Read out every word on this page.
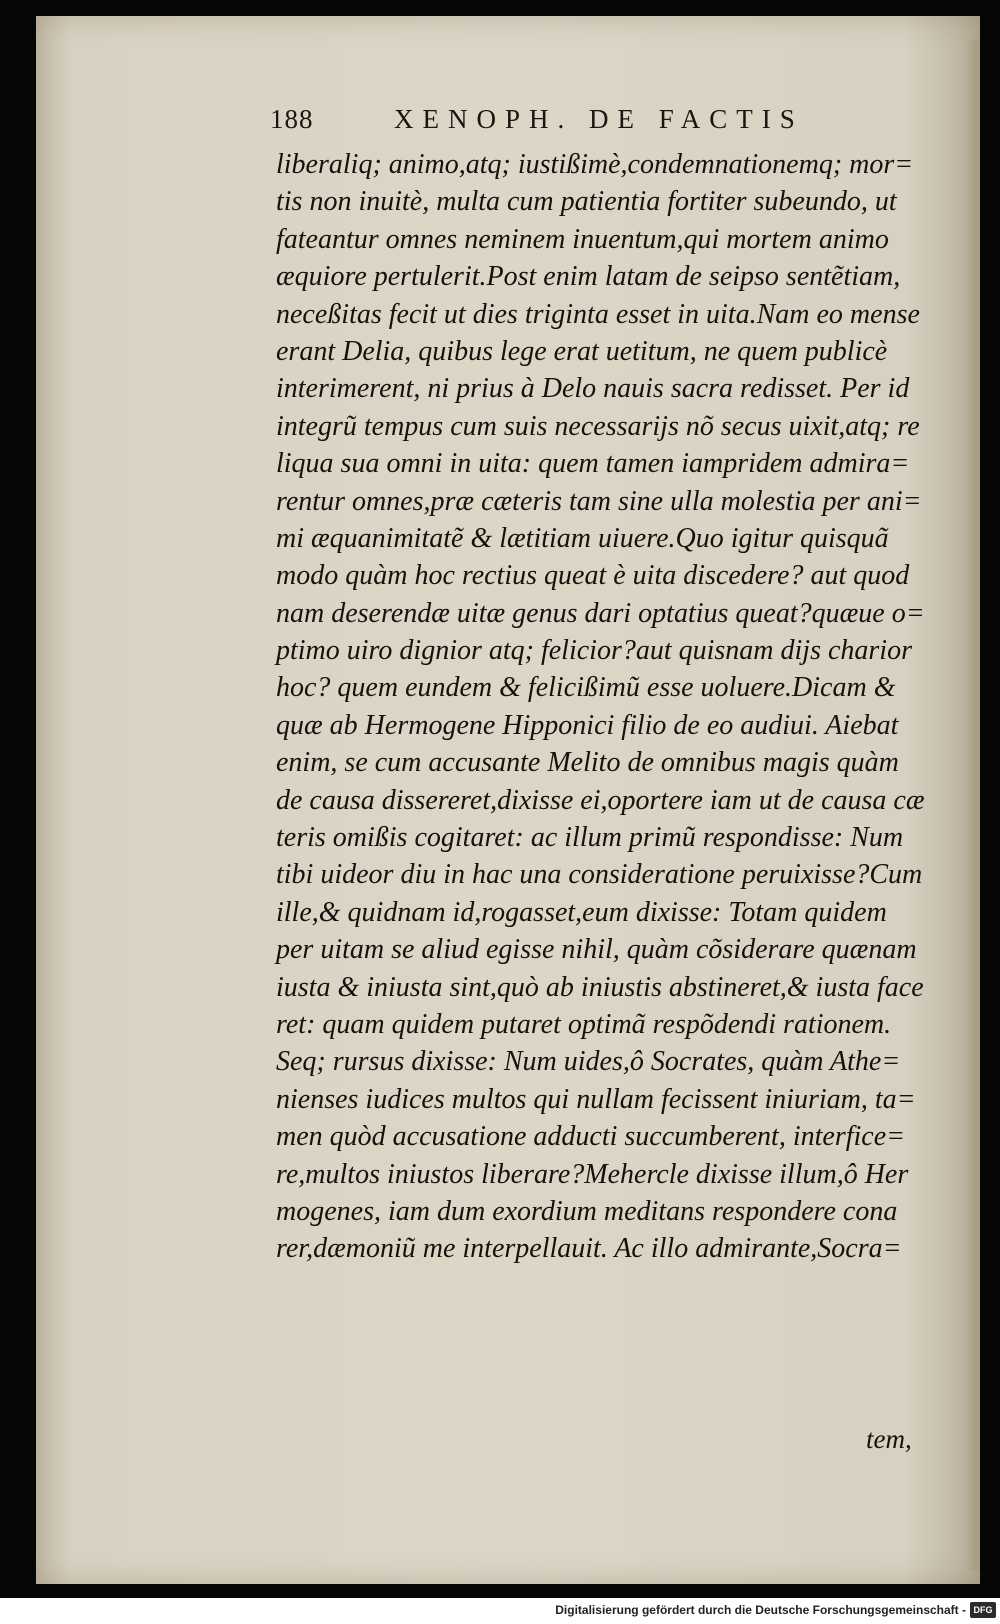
188	XENOPH. DE FACTIS
liberaliq; animo,atq; iustißimè,condemnationemq; mor=
tis non inuitè, multa cum patientia fortiter subeundo, ut
fateantur omnes neminem inuentum,qui mortem animo
æquiore pertulerit.Post enim latam de seipso sentẽtiam,
neceßitas fecit ut dies triginta esset in uita.Nam eo mense
erant Delia, quibus lege erat uetitum, ne quem publicè
interimerent, ni prius à Delo nauis sacra redisset. Per id
integrũ tempus cum suis necessarijs nõ secus uixit,atq; re
liqua sua omni in uita: quem tamen iampridem admira=
rentur omnes,præ cæteris tam sine ulla molestia per ani=
mi æquanimitatẽ & lætitiam uiuere.Quo igitur quisquã
modo quàm hoc rectius queat è uita discedere? aut quod
nam deserendæ uitæ genus dari optatius queat?quæue o=
ptimo uiro dignior atq; felicior?aut quisnam dijs charior
hoc? quem eundem & felicißimũ esse uoluere.Dicam &
quæ ab Hermogene Hipponici filio de eo audiui. Aiebat
enim, se cum accusante Melito de omnibus magis quàm
de causa dissereret,dixisse ei,oportere iam ut de causa cæ
teris omißis cogitaret: ac illum primũ respondisse: Num
tibi uideor diu in hac una consideratione peruixisse?Cum
ille,& quidnam id,rogasset,eum dixisse: Totam quidem
per uitam se aliud egisse nihil, quàm cõsiderare quænam
iusta & iniusta sint,quò ab iniustis abstineret,& iusta face
ret: quam quidem putaret optimã respõdendi rationem.
Seq; rursus dixisse: Num uides,ô Socrates, quàm Athe=
nienses iudices multos qui nullam fecissent iniuriam, ta=
men quòd accusatione adducti succumberent, interfice=
re,multos iniustos liberare?Mehercle dixisse illum,ô Her
mogenes, iam dum exordium meditans respondere cona
rer,dæmoniũ me interpellauit. Ac illo admirante,Socra=
tem,
Digitalisierung gefördert durch die Deutsche Forschungsgemeinschaft - DFG
